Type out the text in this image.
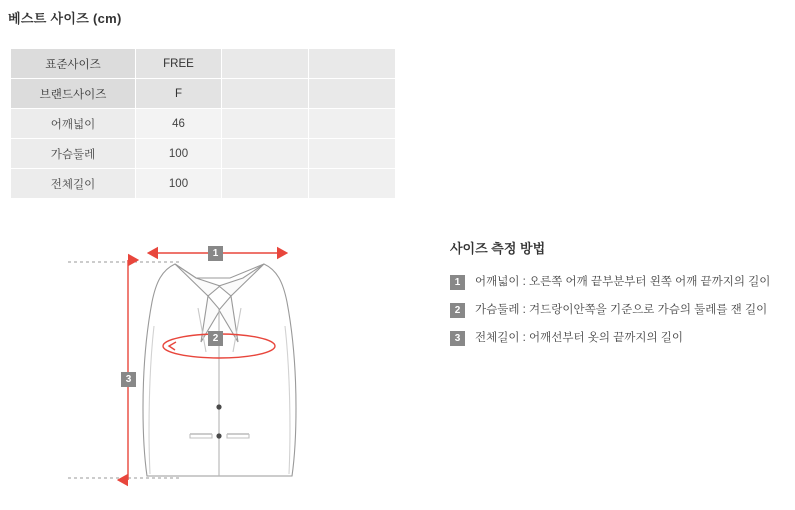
베스트 사이즈 (cm)
표준사이즈	FREE		
브랜드사이즈	F		
어깨넓이	46		
가슴둘레	100		
전체길이	100		
사이즈 측정 방법
1	어깨넓이 : 오른쪽 어깨 끝부분부터 왼쪽 어깨 끝까지의 길이
2	가슴둘레 : 겨드랑이안쪽을 기준으로 가슴의 둘레를 잰 길이
3	전체길이 : 어깨선부터 옷의 끝까지의 길이
1
2
3
